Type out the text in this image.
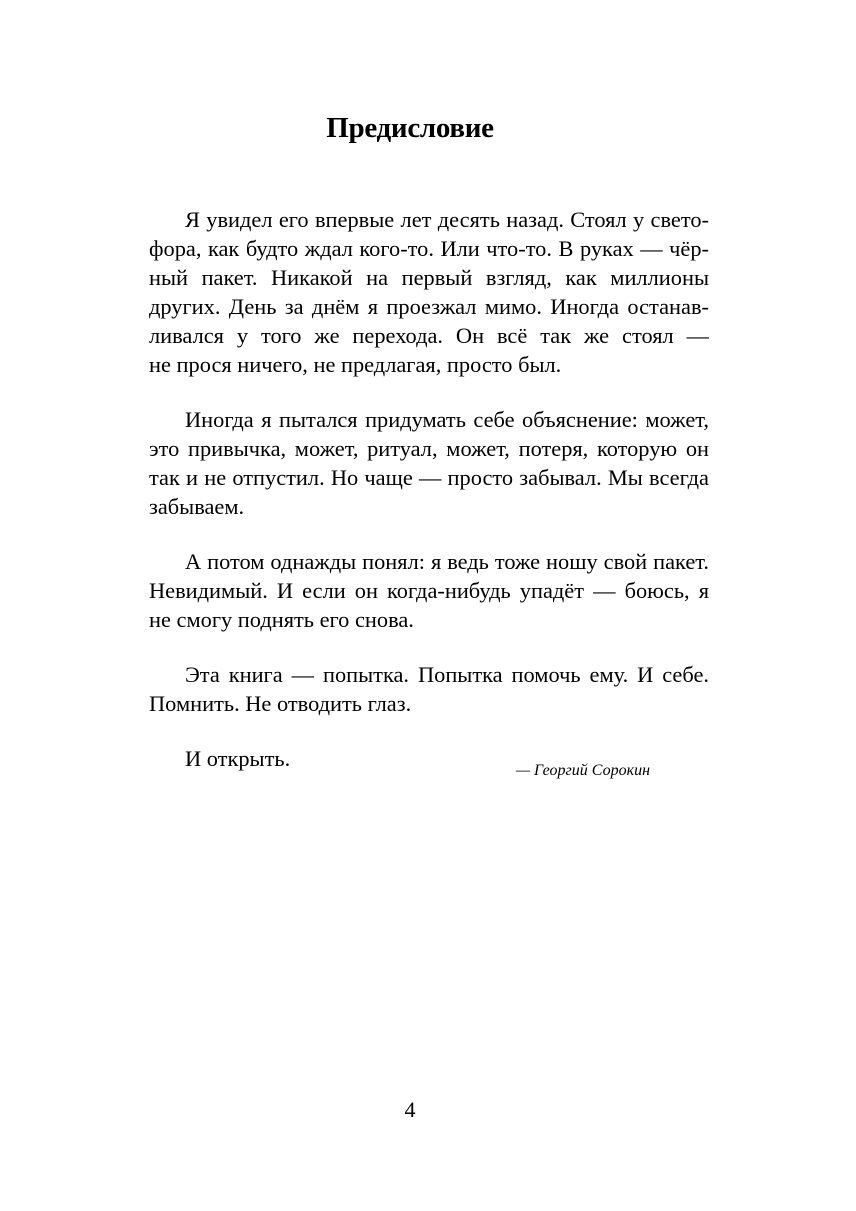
Предисловие
Я увидел его впервые лет десять назад. Стоял у свето-
фора, как будто ждал кого-то. Или что-то. В руках — чёр-
ный пакет. Никакой на первый взгляд, как миллионы
других. День за днём я проезжал мимо. Иногда останав-
ливался у того же перехода. Он всё так же стоял —
не прося ничего, не предлагая, просто был.
Иногда я пытался придумать себе объяснение: может,
это привычка, может, ритуал, может, потеря, которую он
так и не отпустил. Но чаще — просто забывал. Мы всегда
забываем.
А потом однажды понял: я ведь тоже ношу свой пакет.
Невидимый. И если он когда-нибудь упадёт — боюсь, я
не смогу поднять его снова.
Эта книга — попытка. Попытка помочь ему. И себе.
Помнить. Не отводить глаз.
И открыть.	— Георгий Сорокин
4
